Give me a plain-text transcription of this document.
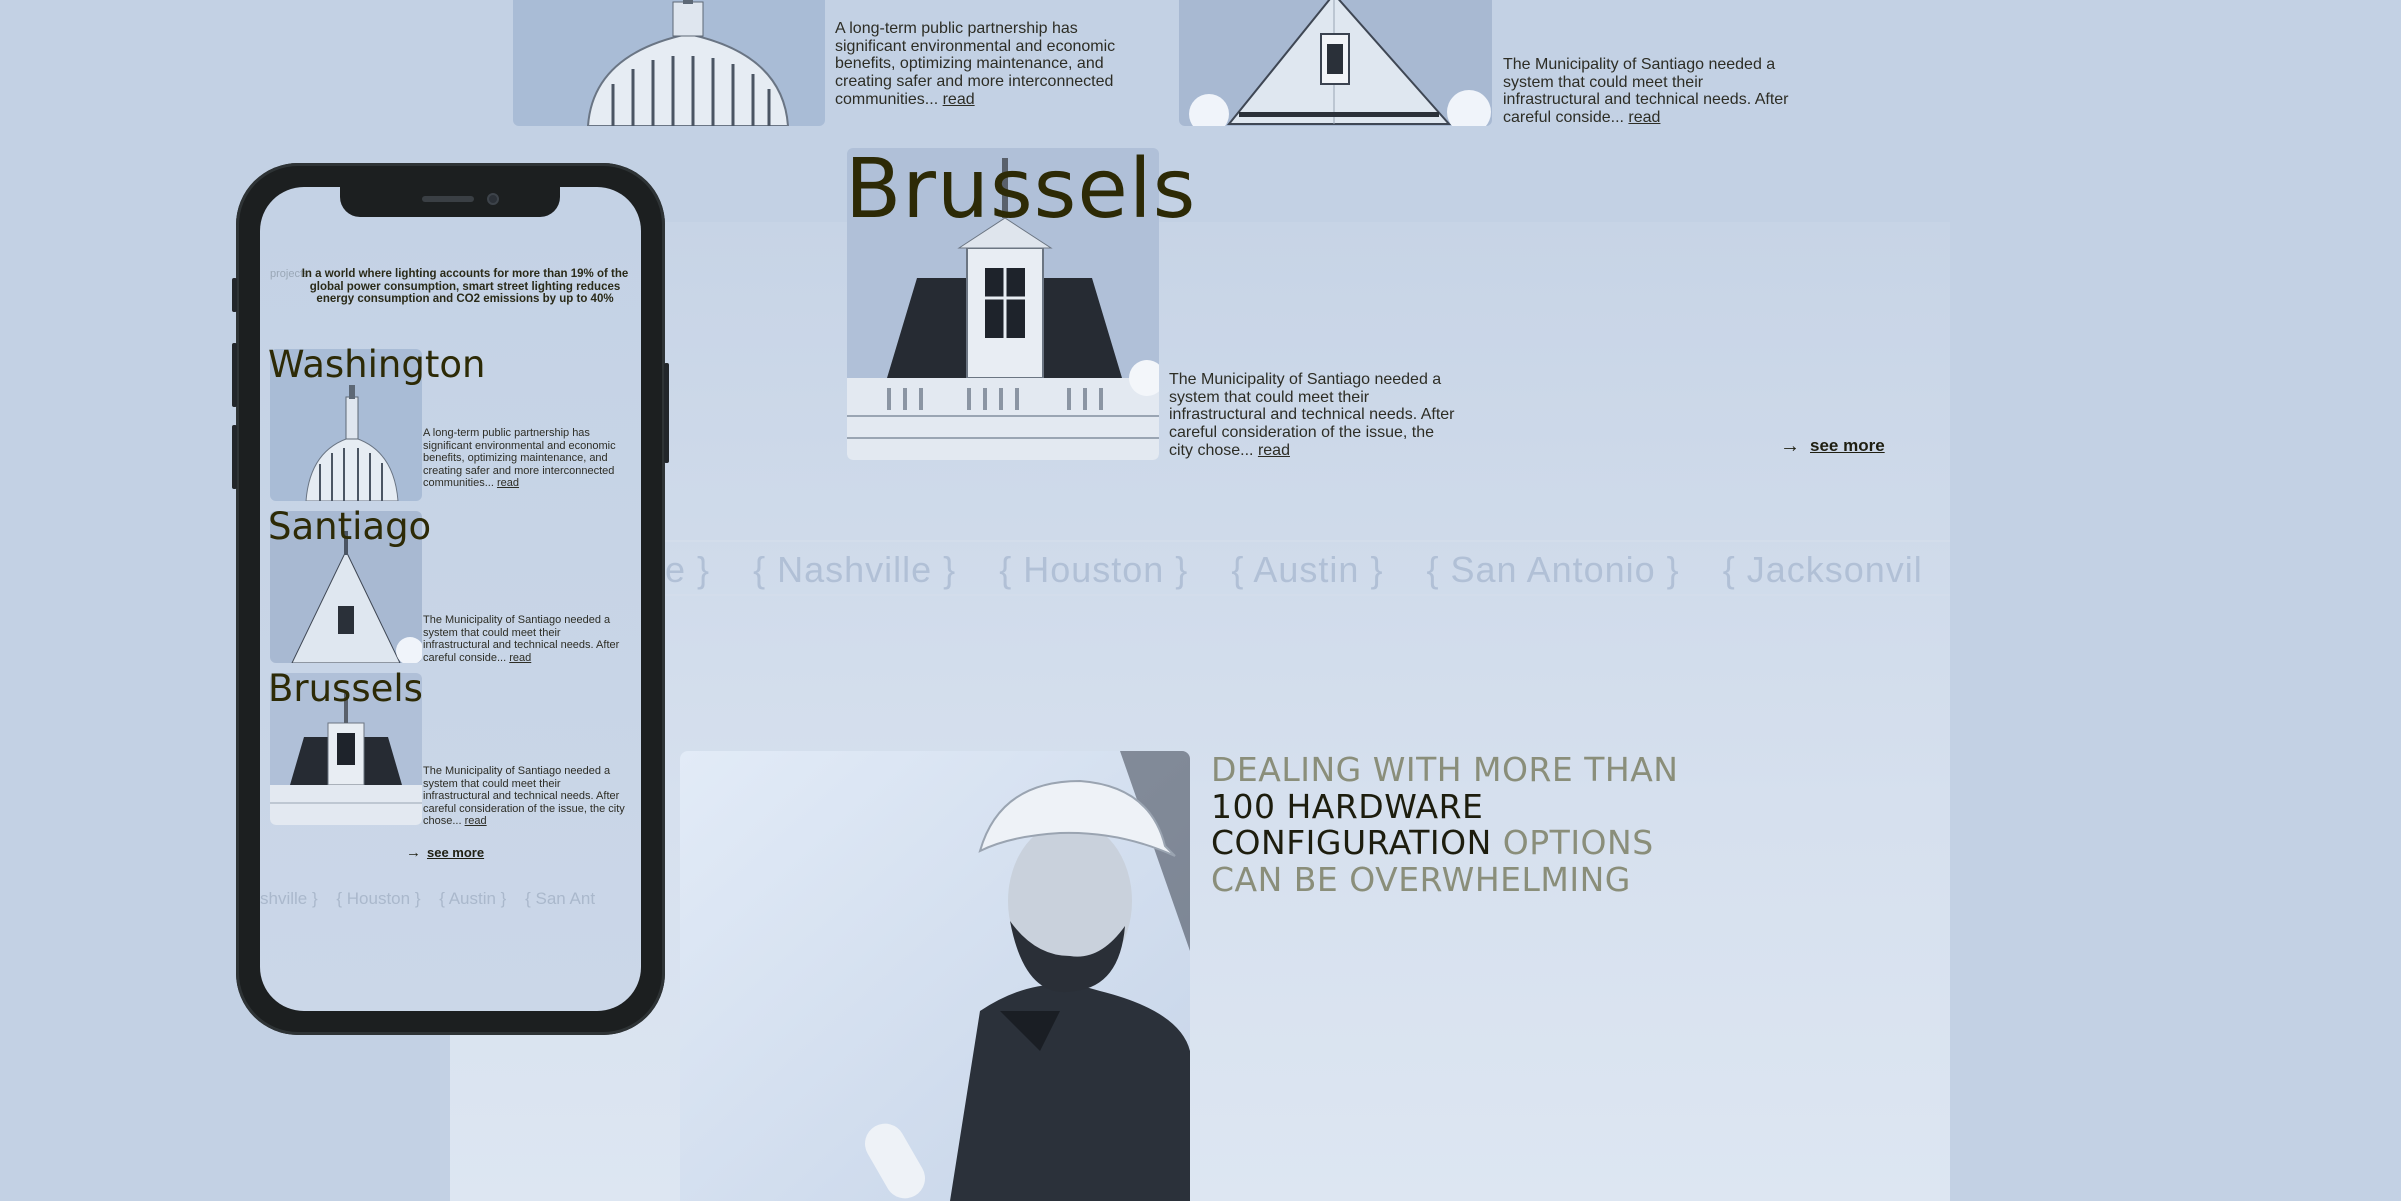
A long-term public partnership has significant environmental and economic benefits, optimizing maintenance, and creating safer and more interconnected communities... read
The Municipality of Santiago needed a system that could meet their infrastructural and technical needs. After careful conside... read
Brussels
The Municipality of Santiago needed a system that could meet their infrastructural and technical needs. After careful consideration of the issue, the city chose... read	→ see more
e } { Nashville } { Houston } { Austin } { San Antonio } { Jacksonvil
DEALING WITH MORE THAN
100 HARDWARE
CONFIGURATION OPTIONS
CAN BE OVERWHELMING
projects
In a world where lighting accounts for more than 19% of the global power consumption, smart street lighting reduces energy consumption and CO2 emissions by up to 40%
Washington
A long-term public partnership has significant environmental and economic benefits, optimizing maintenance, and creating safer and more interconnected communities... read
Santiago
The Municipality of Santiago needed a system that could meet their infrastructural and technical needs. After careful conside... read
Brussels
The Municipality of Santiago needed a system that could meet their infrastructural and technical needs. After careful consideration of the issue, the city chose... read
→ see more
shville } { Houston } { Austin } { San Ant
